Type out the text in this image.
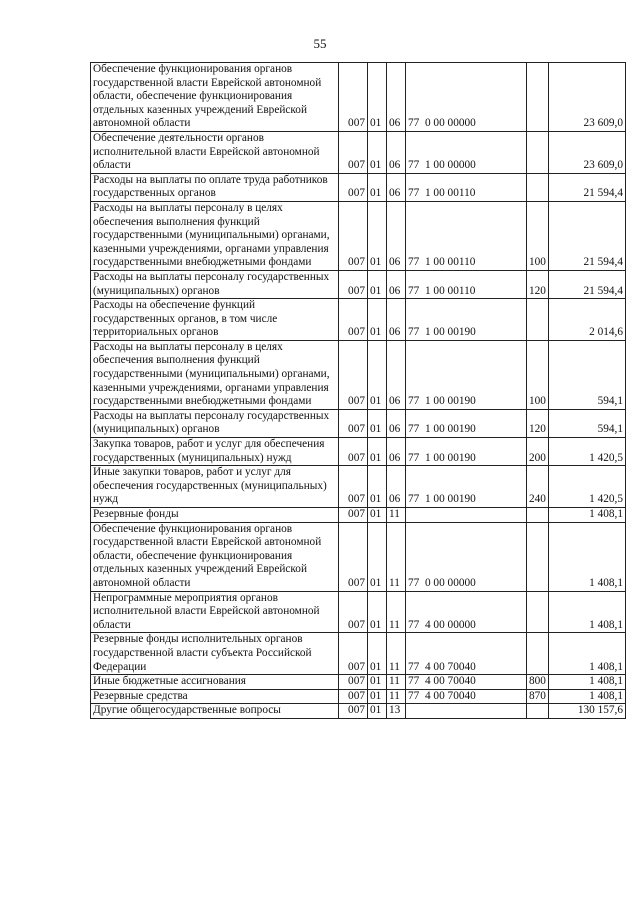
55
Обеспечение функционирования органов государственной власти Еврейской автономной области, обеспечение функционирования отдельных казенных учреждений Еврейской автономной области	007	01	06	77  0 00 00000		23 609,0
Обеспечение деятельности органов исполнительной власти Еврейской автономной области	007	01	06	77  1 00 00000		23 609,0
Расходы на выплаты по оплате труда работников государственных органов	007	01	06	77  1 00 00110		21 594,4
Расходы на выплаты персоналу в целях обеспечения выполнения функций государственными (муниципальными) органами, казенными учреждениями, органами управления государственными внебюджетными фондами	007	01	06	77  1 00 00110	100	21 594,4
Расходы на выплаты персоналу государственных (муниципальных) органов	007	01	06	77  1 00 00110	120	21 594,4
Расходы на обеспечение функций государственных органов, в том числе территориальных органов	007	01	06	77  1 00 00190		2 014,6
Расходы на выплаты персоналу в целях обеспечения выполнения функций государственными (муниципальными) органами, казенными учреждениями, органами управления государственными внебюджетными фондами	007	01	06	77  1 00 00190	100	594,1
Расходы на выплаты персоналу государственных (муниципальных) органов	007	01	06	77  1 00 00190	120	594,1
Закупка товаров, работ и услуг для обеспечения государственных (муниципальных) нужд	007	01	06	77  1 00 00190	200	1 420,5
Иные закупки товаров, работ и услуг для обеспечения государственных (муниципальных) нужд	007	01	06	77  1 00 00190	240	1 420,5
Резервные фонды	007	01	11			1 408,1
Обеспечение функционирования органов государственной власти Еврейской автономной области, обеспечение функционирования отдельных казенных учреждений Еврейской автономной области	007	01	11	77  0 00 00000		1 408,1
Непрограммные мероприятия органов исполнительной власти Еврейской автономной области	007	01	11	77  4 00 00000		1 408,1
Резервные фонды исполнительных органов государственной власти субъекта Российской Федерации	007	01	11	77  4 00 70040		1 408,1
Иные бюджетные ассигнования	007	01	11	77  4 00 70040	800	1 408,1
Резервные средства	007	01	11	77  4 00 70040	870	1 408,1
Другие общегосударственные вопросы	007	01	13			130 157,6
